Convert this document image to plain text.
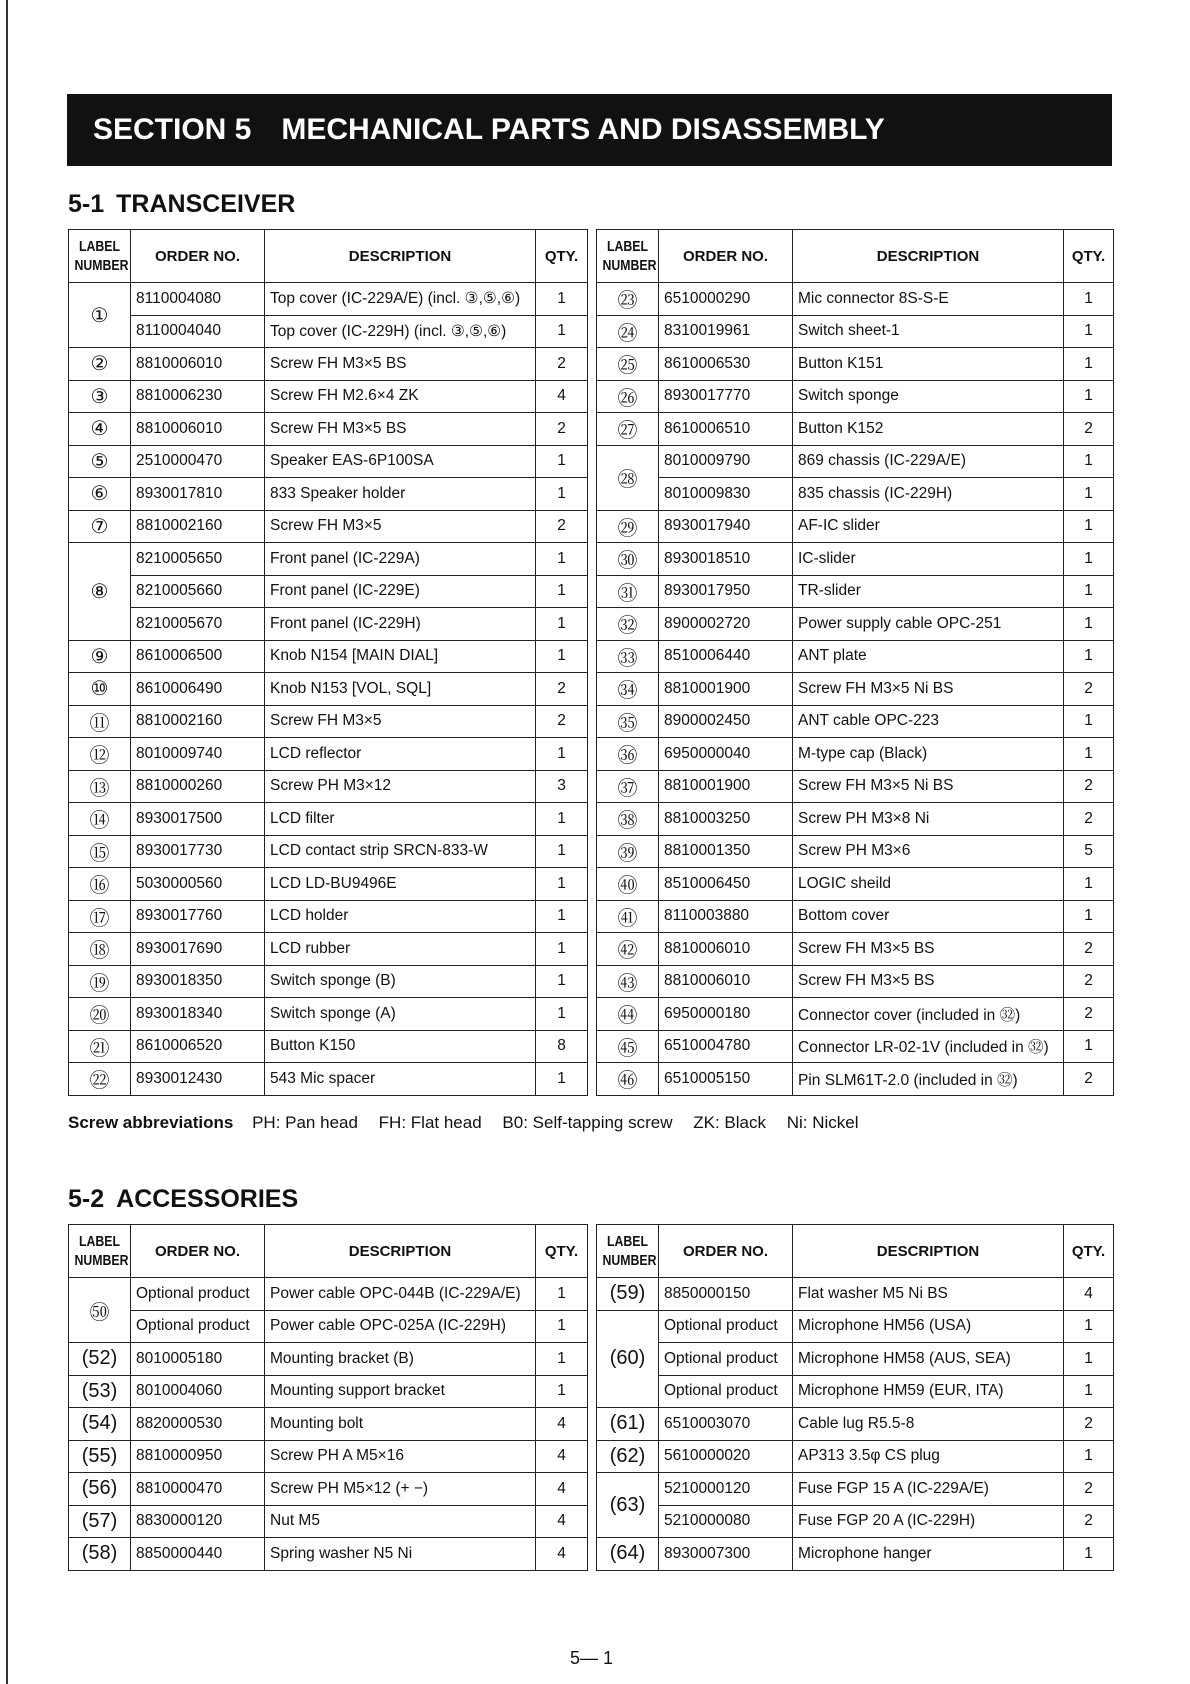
SECTION 5 MECHANICAL PARTS AND DISASSEMBLY
5-1 TRANSCEIVER
LABEL
NUMBER	ORDER NO.	DESCRIPTION	QTY.
①	8110004080	Top cover (IC-229A/E) (incl. ③,⑤,⑥)	1
	8110004040	Top cover (IC-229H) (incl. ③,⑤,⑥)	1
②	8810006010	Screw FH M3×5 BS	2
③	8810006230	Screw FH M2.6×4 ZK	4
④	8810006010	Screw FH M3×5 BS	2
⑤	2510000470	Speaker EAS-6P100SA	1
⑥	8930017810	833 Speaker holder	1
⑦	8810002160	Screw FH M3×5	2
⑧	8210005650	Front panel (IC-229A)	1
	8210005660	Front panel (IC-229E)	1
	8210005670	Front panel (IC-229H)	1
⑨	8610006500	Knob N154 [MAIN DIAL]	1
⑩	8610006490	Knob N153 [VOL, SQL]	2
⑪	8810002160	Screw FH M3×5	2
⑫	8010009740	LCD reflector	1
⑬	8810000260	Screw PH M3×12	3
⑭	8930017500	LCD filter	1
⑮	8930017730	LCD contact strip SRCN-833-W	1
⑯	5030000560	LCD LD-BU9496E	1
⑰	8930017760	LCD holder	1
⑱	8930017690	LCD rubber	1
⑲	8930018350	Switch sponge (B)	1
⑳	8930018340	Switch sponge (A)	1
㉑	8610006520	Button K150	8
㉒	8930012430	543 Mic spacer	1
LABEL
NUMBER	ORDER NO.	DESCRIPTION	QTY.
㉓	6510000290	Mic connector 8S-S-E	1
㉔	8310019961	Switch sheet-1	1
㉕	8610006530	Button K151	1
㉖	8930017770	Switch sponge	1
㉗	8610006510	Button K152	2
㉘	8010009790	869 chassis (IC-229A/E)	1
	8010009830	835 chassis (IC-229H)	1
㉙	8930017940	AF-IC slider	1
㉚	8930018510	IC-slider	1
㉛	8930017950	TR-slider	1
㉜	8900002720	Power supply cable OPC-251	1
㉝	8510006440	ANT plate	1
㉞	8810001900	Screw FH M3×5 Ni BS	2
㉟	8900002450	ANT cable OPC-223	1
㊱	6950000040	M-type cap (Black)	1
㊲	8810001900	Screw FH M3×5 Ni BS	2
㊳	8810003250	Screw PH M3×8 Ni	2
㊴	8810001350	Screw PH M3×6	5
㊵	8510006450	LOGIC sheild	1
㊶	8110003880	Bottom cover	1
㊷	8810006010	Screw FH M3×5 BS	2
㊸	8810006010	Screw FH M3×5 BS	2
㊹	6950000180	Connector cover (included in ㉜)	2
㊺	6510004780	Connector LR-02-1V (included in ㉜)	1
㊻	6510005150	Pin SLM61T-2.0 (included in ㉜)	2
Screw abbreviations PH: Pan head FH: Flat head B0: Self-tapping screw ZK: Black Ni: Nickel
5-2 ACCESSORIES
LABEL
NUMBER	ORDER NO.	DESCRIPTION	QTY.
㊿	Optional product	Power cable OPC-044B (IC-229A/E)	1
	Optional product	Power cable OPC-025A (IC-229H)	1
(52)	8010005180	Mounting bracket (B)	1
(53)	8010004060	Mounting support bracket	1
(54)	8820000530	Mounting bolt	4
(55)	8810000950	Screw PH A M5×16	4
(56)	8810000470	Screw PH M5×12 (+ −)	4
(57)	8830000120	Nut M5	4
(58)	8850000440	Spring washer N5 Ni	4
LABEL
NUMBER	ORDER NO.	DESCRIPTION	QTY.
(59)	8850000150	Flat washer M5 Ni BS	4
(60)	Optional product	Microphone HM56 (USA)	1
	Optional product	Microphone HM58 (AUS, SEA)	1
	Optional product	Microphone HM59 (EUR, ITA)	1
(61)	6510003070	Cable lug R5.5-8	2
(62)	5610000020	AP313 3.5φ CS plug	1
(63)	5210000120	Fuse FGP 15 A (IC-229A/E)	2
	5210000080	Fuse FGP 20 A (IC-229H)	2
(64)	8930007300	Microphone hanger	1
5— 1
